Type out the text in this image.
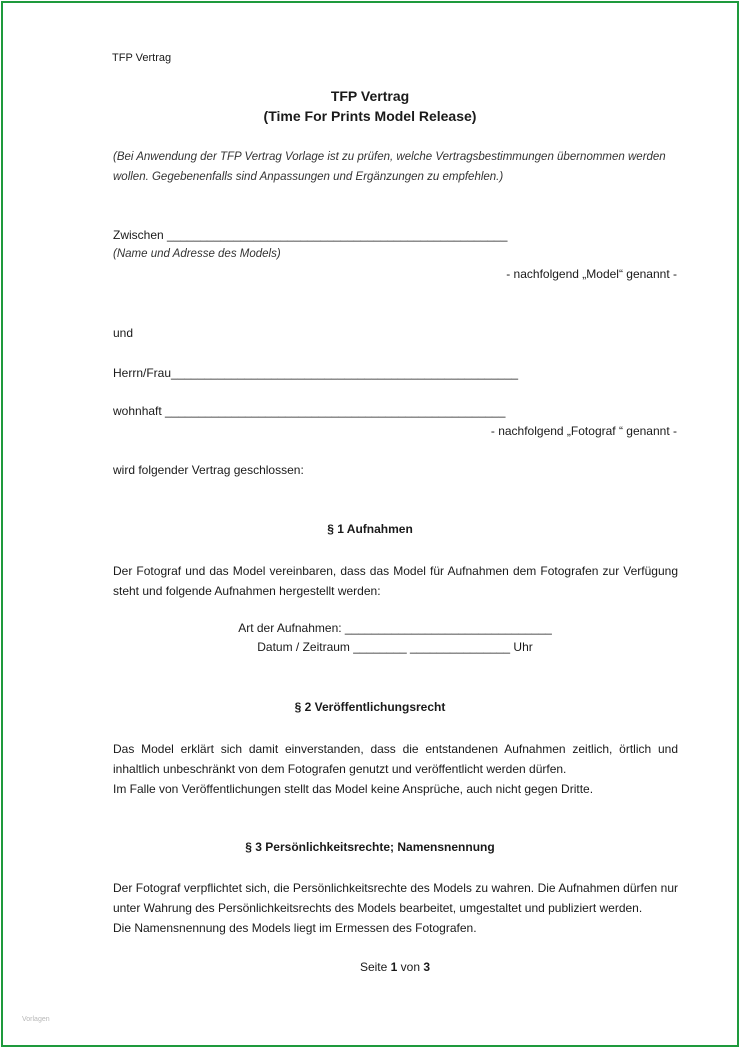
TFP Vertrag
TFP Vertrag
(Time For Prints Model Release)
(Bei Anwendung der TFP Vertrag Vorlage ist zu prüfen, welche Vertragsbestimmungen übernommen werden wollen. Gegebenenfalls sind Anpassungen und Ergänzungen zu empfehlen.)
Zwischen ___________________________________________________
(Name und Adresse des Models)
- nachfolgend „Model“ genannt -
und
Herrn/Frau____________________________________________________
wohnhaft ___________________________________________________
- nachfolgend „Fotograf “ genannt -
wird folgender Vertrag geschlossen:
§ 1 Aufnahmen
Der Fotograf und das Model vereinbaren, dass das Model für Aufnahmen dem Fotografen zur Verfügung steht und folgende Aufnahmen hergestellt werden:
Art der Aufnahmen: _______________________________
Datum / Zeitraum ________ _______________ Uhr
§ 2 Veröffentlichungsrecht

Das Model erklärt sich damit einverstanden, dass die entstandenen Aufnahmen zeitlich, örtlich und inhaltlich unbeschränkt von dem Fotografen genutzt und veröffentlicht werden dürfen.

Im Falle von Veröffentlichungen stellt das Model keine Ansprüche, auch nicht gegen Dritte.

§ 3 Persönlichkeitsrechte; Namensnennung

Der Fotograf verpflichtet sich, die Persönlichkeitsrechte des Models zu wahren. Die Aufnahmen dürfen nur unter Wahrung des Persönlichkeitsrechts des Models bearbeitet, umgestaltet und publiziert werden.

Die Namensnennung des Models liegt im Ermessen des Fotografen.

Seite 1 von 3
Vorlagen
